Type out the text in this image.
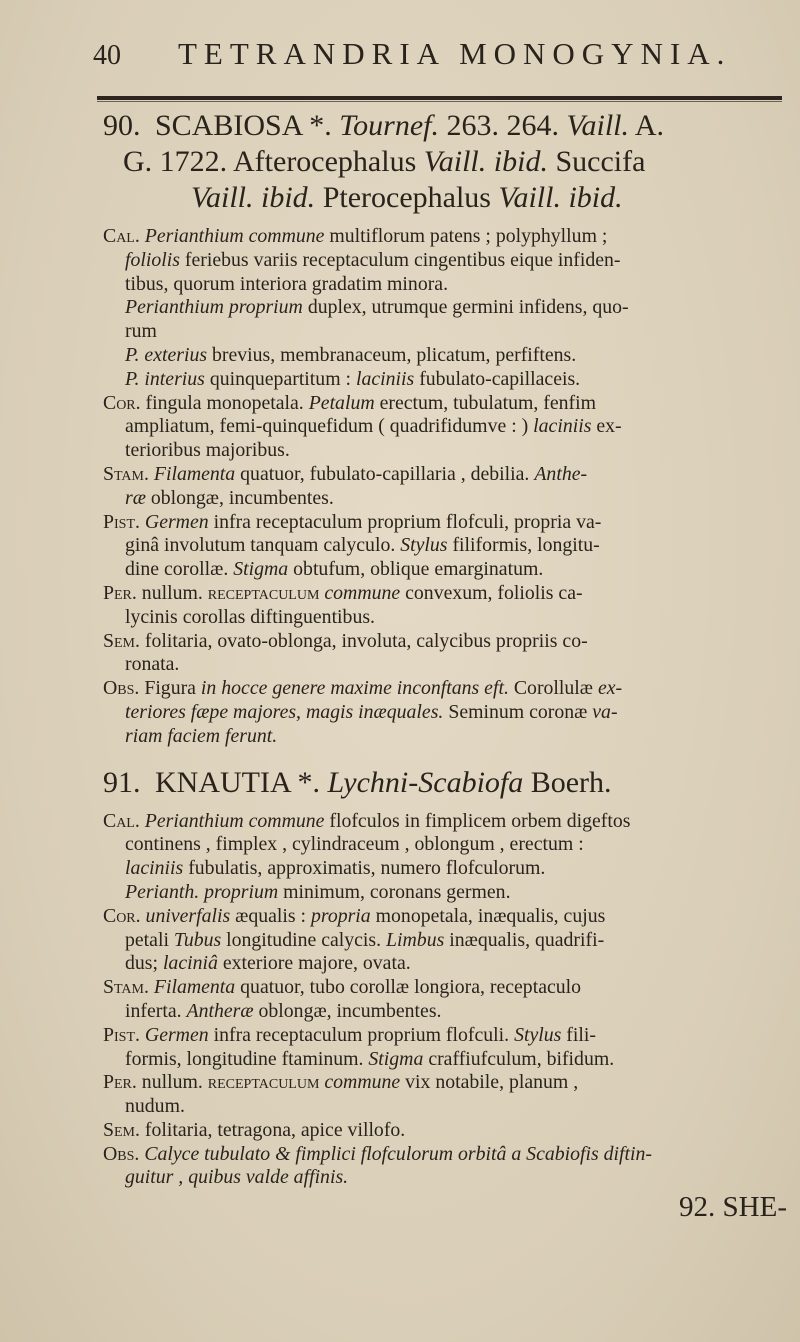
40 TETRANDRIA MONOGYNIA.
90. SCABIOSA *. Tournef. 263. 264. Vaill. A.
G. 1722. Afterocephalus Vaill. ibid. Succifa
Vaill. ibid. Pterocephalus Vaill. ibid.
Cal. Perianthium commune multiflorum patens ; polyphyllum ;
foliolis feriebus variis receptaculum cingentibus eique infiden-
tibus, quorum interiora gradatim minora.
Perianthium proprium duplex, utrumque germini infidens, quo-
rum
P. exterius brevius, membranaceum, plicatum, perfiftens.
P. interius quinquepartitum : laciniis fubulato-capillaceis.
Cor. fingula monopetala. Petalum erectum, tubulatum, fenfim
ampliatum, femi-quinquefidum ( quadrifidumve : ) laciniis ex-
terioribus majoribus.
Stam. Filamenta quatuor, fubulato-capillaria , debilia. Anthe-
ræ oblongæ, incumbentes.
Pist. Germen infra receptaculum proprium flofculi, propria va-
ginâ involutum tanquam calyculo. Stylus filiformis, longitu-
dine corollæ. Stigma obtufum, oblique emarginatum.
Per. nullum. receptaculum commune convexum, foliolis ca-
lycinis corollas diftinguentibus.
Sem. folitaria, ovato-oblonga, involuta, calycibus propriis co-
ronata.
Obs. Figura in hocce genere maxime inconftans eft. Corollulæ ex-
teriores fæpe majores, magis inæquales. Seminum coronæ va-
riam faciem ferunt.
91. KNAUTIA *. Lychni-Scabiofa Boerh.
Cal. Perianthium commune flofculos in fimplicem orbem digeftos
continens , fimplex , cylindraceum , oblongum , erectum :
laciniis fubulatis, approximatis, numero flofculorum.
Perianth. proprium minimum, coronans germen.
Cor. univerfalis æqualis : propria monopetala, inæqualis, cujus
petali Tubus longitudine calycis. Limbus inæqualis, quadrifi-
dus; laciniâ exteriore majore, ovata.
Stam. Filamenta quatuor, tubo corollæ longiora, receptaculo
inferta. Antheræ oblongæ, incumbentes.
Pist. Germen infra receptaculum proprium flofculi. Stylus fili-
formis, longitudine ftaminum. Stigma craffiufculum, bifidum.
Per. nullum. receptaculum commune vix notabile, planum ,
nudum.
Sem. folitaria, tetragona, apice villofo.
Obs. Calyce tubulato & fimplici flofculorum orbitâ a Scabiofis diftin-
guitur , quibus valde affinis.
92. SHE-
